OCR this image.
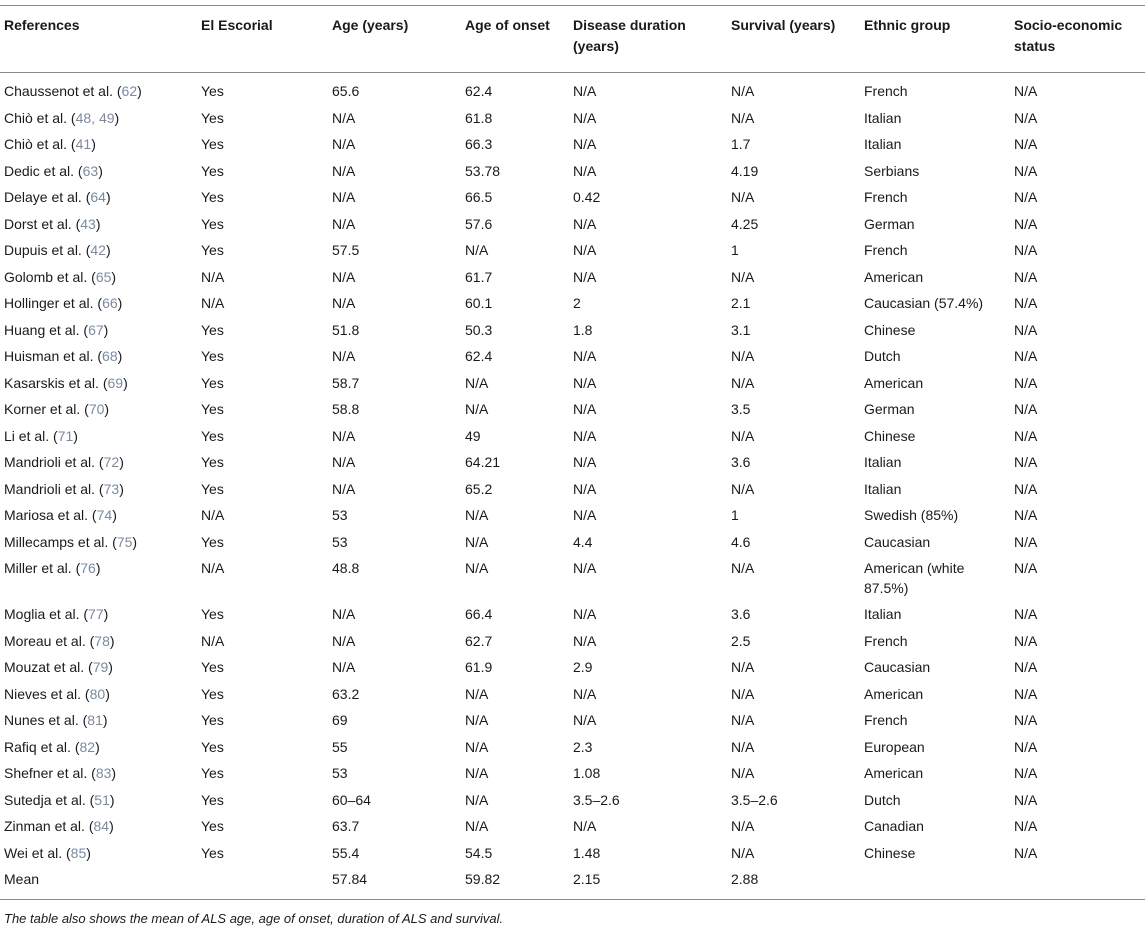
References	El Escorial	Age (years)	Age of onset	Disease duration (years)	Survival (years)	Ethnic group	Socio-economic status
Chaussenot et al. (62)	Yes	65.6	62.4	N/A	N/A	French	N/A
Chiò et al. (48, 49)	Yes	N/A	61.8	N/A	N/A	Italian	N/A
Chiò et al. (41)	Yes	N/A	66.3	N/A	1.7	Italian	N/A
Dedic et al. (63)	Yes	N/A	53.78	N/A	4.19	Serbians	N/A
Delaye et al. (64)	Yes	N/A	66.5	0.42	N/A	French	N/A
Dorst et al. (43)	Yes	N/A	57.6	N/A	4.25	German	N/A
Dupuis et al. (42)	Yes	57.5	N/A	N/A	1	French	N/A
Golomb et al. (65)	N/A	N/A	61.7	N/A	N/A	American	N/A
Hollinger et al. (66)	N/A	N/A	60.1	2	2.1	Caucasian (57.4%)	N/A
Huang et al. (67)	Yes	51.8	50.3	1.8	3.1	Chinese	N/A
Huisman et al. (68)	Yes	N/A	62.4	N/A	N/A	Dutch	N/A
Kasarskis et al. (69)	Yes	58.7	N/A	N/A	N/A	American	N/A
Korner et al. (70)	Yes	58.8	N/A	N/A	3.5	German	N/A
Li et al. (71)	Yes	N/A	49	N/A	N/A	Chinese	N/A
Mandrioli et al. (72)	Yes	N/A	64.21	N/A	3.6	Italian	N/A
Mandrioli et al. (73)	Yes	N/A	65.2	N/A	N/A	Italian	N/A
Mariosa et al. (74)	N/A	53	N/A	N/A	1	Swedish (85%)	N/A
Millecamps et al. (75)	Yes	53	N/A	4.4	4.6	Caucasian	N/A
Miller et al. (76)	N/A	48.8	N/A	N/A	N/A	American (white 87.5%)	N/A
Moglia et al. (77)	Yes	N/A	66.4	N/A	3.6	Italian	N/A
Moreau et al. (78)	N/A	N/A	62.7	N/A	2.5	French	N/A
Mouzat et al. (79)	Yes	N/A	61.9	2.9	N/A	Caucasian	N/A
Nieves et al. (80)	Yes	63.2	N/A	N/A	N/A	American	N/A
Nunes et al. (81)	Yes	69	N/A	N/A	N/A	French	N/A
Rafiq et al. (82)	Yes	55	N/A	2.3	N/A	European	N/A
Shefner et al. (83)	Yes	53	N/A	1.08	N/A	American	N/A
Sutedja et al. (51)	Yes	60–64	N/A	3.5–2.6	3.5–2.6	Dutch	N/A
Zinman et al. (84)	Yes	63.7	N/A	N/A	N/A	Canadian	N/A
Wei et al. (85)	Yes	55.4	54.5	1.48	N/A	Chinese	N/A
Mean		57.84	59.82	2.15	2.88		
The table also shows the mean of ALS age, age of onset, duration of ALS and survival.
